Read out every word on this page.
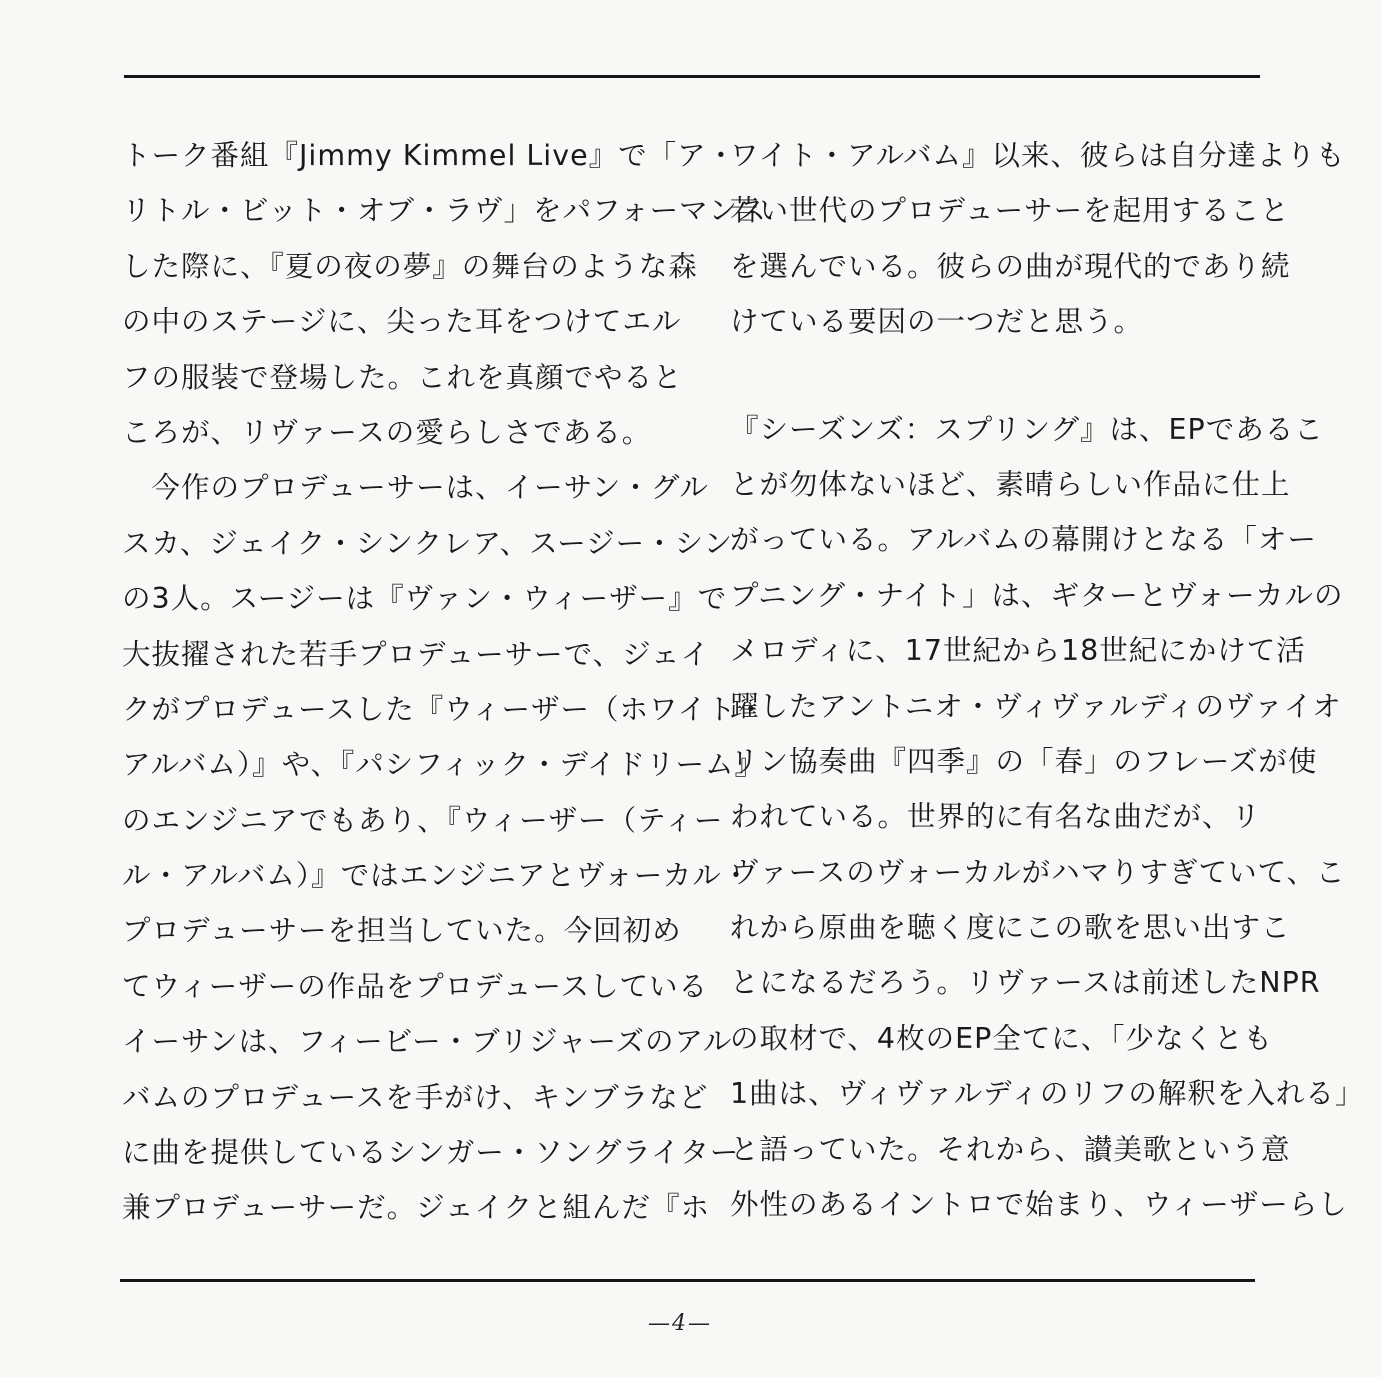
トーク番組『Jimmy Kimmel Live』で「ア・
リトル・ビット・オブ・ラヴ」をパフォーマンス
した際に、『夏の夜の夢』の舞台のような森
の中のステージに、尖った耳をつけてエル
フの服装で登場した。これを真顔でやると
ころが、リヴァースの愛らしさである。
　今作のプロデューサーは、イーサン・グル
スカ、ジェイク・シンクレア、スージー・シン
の3人。スージーは『ヴァン・ウィーザー』で
大抜擢された若手プロデューサーで、ジェイ
クがプロデュースした『ウィーザー（ホワイト・
アルバム）』や、『パシフィック・デイドリーム』
のエンジニアでもあり、『ウィーザー（ティー
ル・アルバム）』ではエンジニアとヴォーカル・
プロデューサーを担当していた。今回初め
てウィーザーの作品をプロデュースしている
イーサンは、フィービー・ブリジャーズのアル
バムのプロデュースを手がけ、キンブラなど
に曲を提供しているシンガー・ソングライター
兼プロデューサーだ。ジェイクと組んだ『ホ
ワイト・アルバム』以来、彼らは自分達よりも
若い世代のプロデューサーを起用すること
を選んでいる。彼らの曲が現代的であり続
けている要因の一つだと思う。
『シーズンズ：スプリング』は、EPであるこ
とが勿体ないほど、素晴らしい作品に仕上
がっている。アルバムの幕開けとなる「オー
プニング・ナイト」は、ギターとヴォーカルの
メロディに、17世紀から18世紀にかけて活
躍したアントニオ・ヴィヴァルディのヴァイオ
リン協奏曲『四季』の「春」のフレーズが使
われている。世界的に有名な曲だが、リ
ヴァースのヴォーカルがハマりすぎていて、こ
れから原曲を聴く度にこの歌を思い出すこ
とになるだろう。リヴァースは前述したNPR
の取材で、4枚のEP全てに、「少なくとも
1曲は、ヴィヴァルディのリフの解釈を入れる」
と語っていた。それから、讃美歌という意
外性のあるイントロで始まり、ウィーザーらし
—4—
